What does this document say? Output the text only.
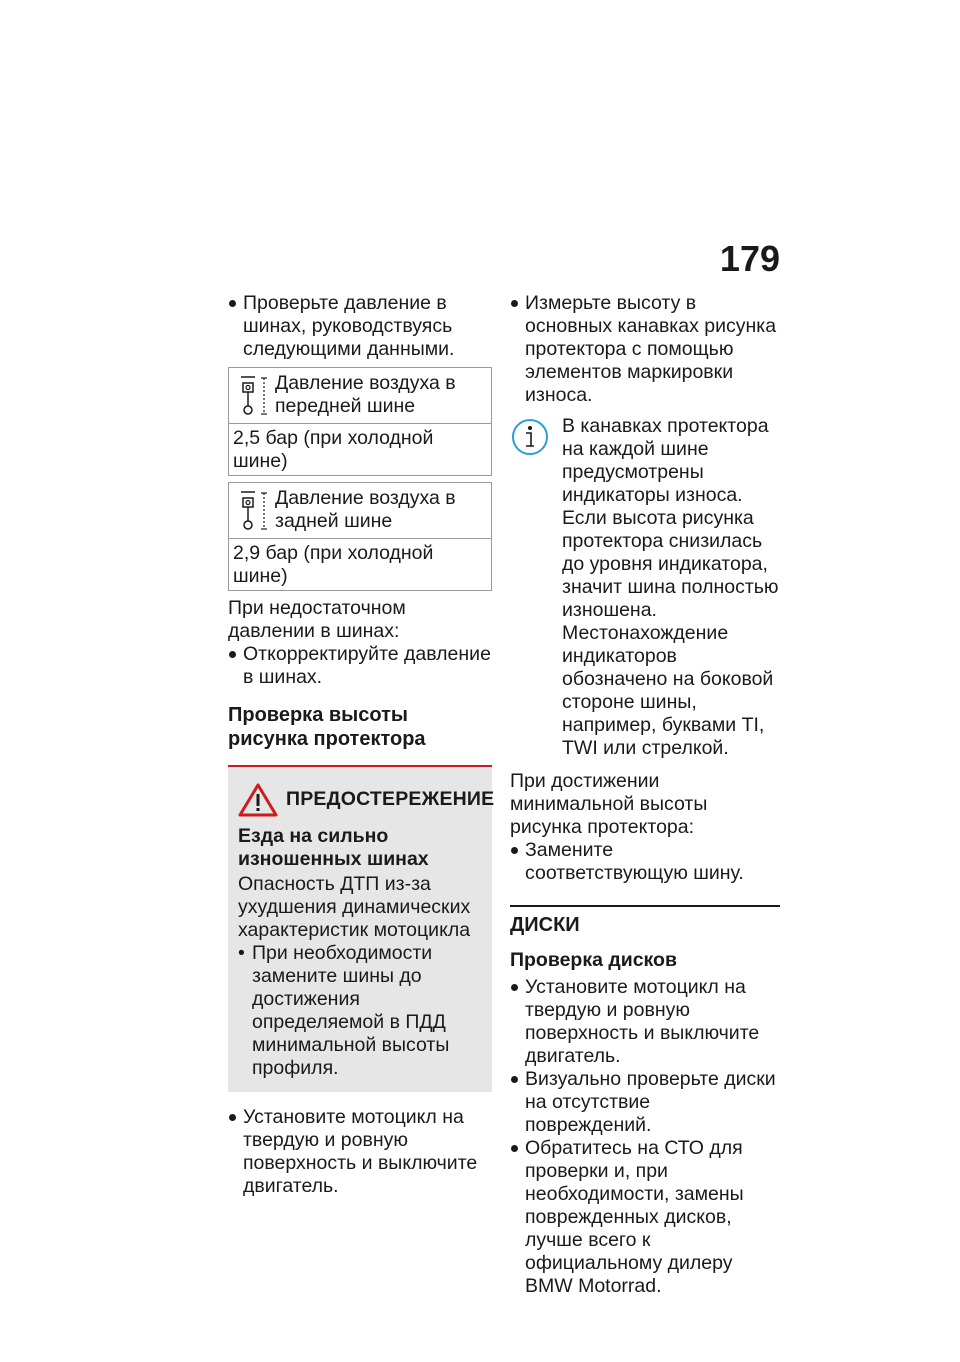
179
Проверьте давление в шинах, руководствуясь следующими данными.
Давление воздуха в передней шине
2,5 бар (при холодной шине)
Давление воздуха в задней шине
2,9 бар (при холодной шине)

При недостаточном давлении в шинах:

Откорректируйте давление в шинах.
Проверка высоты рисунка протектора
ПРЕДОСТЕРЕЖЕНИЕ
Езда на сильно изношенных шинах

Опасность ДТП из-за ухудшения динамических характеристик мотоцикла

• При необходимости замените шины до достижения определяемой в ПДД минимальной высоты профиля.
Установите мотоцикл на твердую и ровную поверхность и выключите двигатель.
Измерьте высоту в основных канавках рисунка протектора с помощью элементов маркировки износа.

В канавках протектора на каждой шине предусмотрены индикаторы износа. Если высота рисунка протектора снизилась до уровня индикатора, значит шина полностью изношена. Местонахождение индикаторов обозначено на боковой стороне шины, например, буквами TI, TWI или стрелкой.

При достижении минимальной высоты рисунка протектора:

Замените соответствующую шину.
ДИСКИ
Проверка дисков
Установите мотоцикл на твердую и ровную поверхность и выключите двигатель.
Визуально проверьте диски на отсутствие повреждений.
Обратитесь на СТО для проверки и, при необходимости, замены поврежденных дисков, лучше всего к официальному дилеру BMW Motorrad.
